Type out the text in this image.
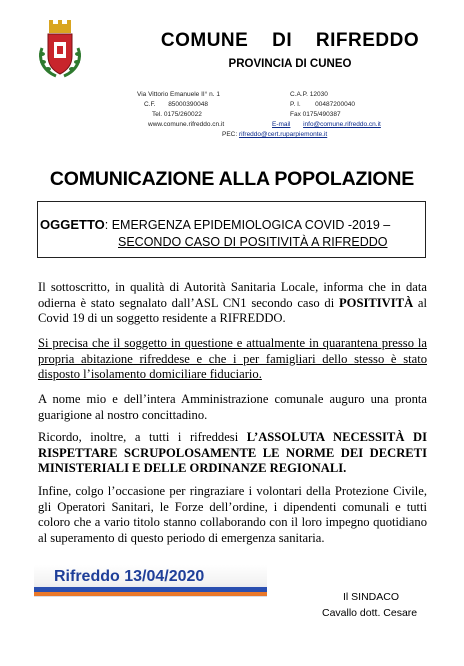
COMUNE DI RIFREDDO
PROVINCIA DI CUNEO
Via Vittorio Emanuele II° n. 1	C.A.P. 12030
C.F.       85000390048	P. I.        00487200040
Tel. 0175/260022	Fax 0175/490387
www.comune.rifreddo.cn.it	E-mail info@comune.rifreddo.cn.it
PEC: rifreddo@cert.ruparpiemonte.it
COMUNICAZIONE ALLA POPOLAZIONE
OGGETTO: EMERGENZA EPIDEMIOLOGICA COVID -2019 –
SECONDO CASO DI POSITIVITÀ A RIFREDDO
Il sottoscritto, in qualità di Autorità Sanitaria Locale, informa che in data odierna è stato segnalato dall’ASL CN1 secondo caso di POSITIVITÀ al Covid 19 di un soggetto residente a RIFREDDO.
Si precisa che il soggetto in questione e attualmente in quarantena presso la propria abitazione rifreddese e che i per famigliari dello stesso è stato disposto l’isolamento domiciliare fiduciario.
A nome mio e dell’intera Amministrazione comunale auguro una pronta guarigione al nostro concittadino.
Ricordo, inoltre, a tutti i rifreddesi L’ASSOLUTA NECESSITÀ DI RISPETTARE SCRUPOLOSAMENTE LE NORME DEI DECRETI MINISTERIALI E DELLE ORDINANZE REGIONALI.
Infine, colgo l’occasione per ringraziare i volontari della Protezione Civile, gli Operatori Sanitari, le Forze dell’ordine, i dipendenti comunali e tutti coloro che a vario titolo stanno collaborando con il loro impegno quotidiano al superamento di questo periodo di emergenza sanitaria.
Rifreddo 13/04/2020
Il SINDACO
Cavallo dott. Cesare
